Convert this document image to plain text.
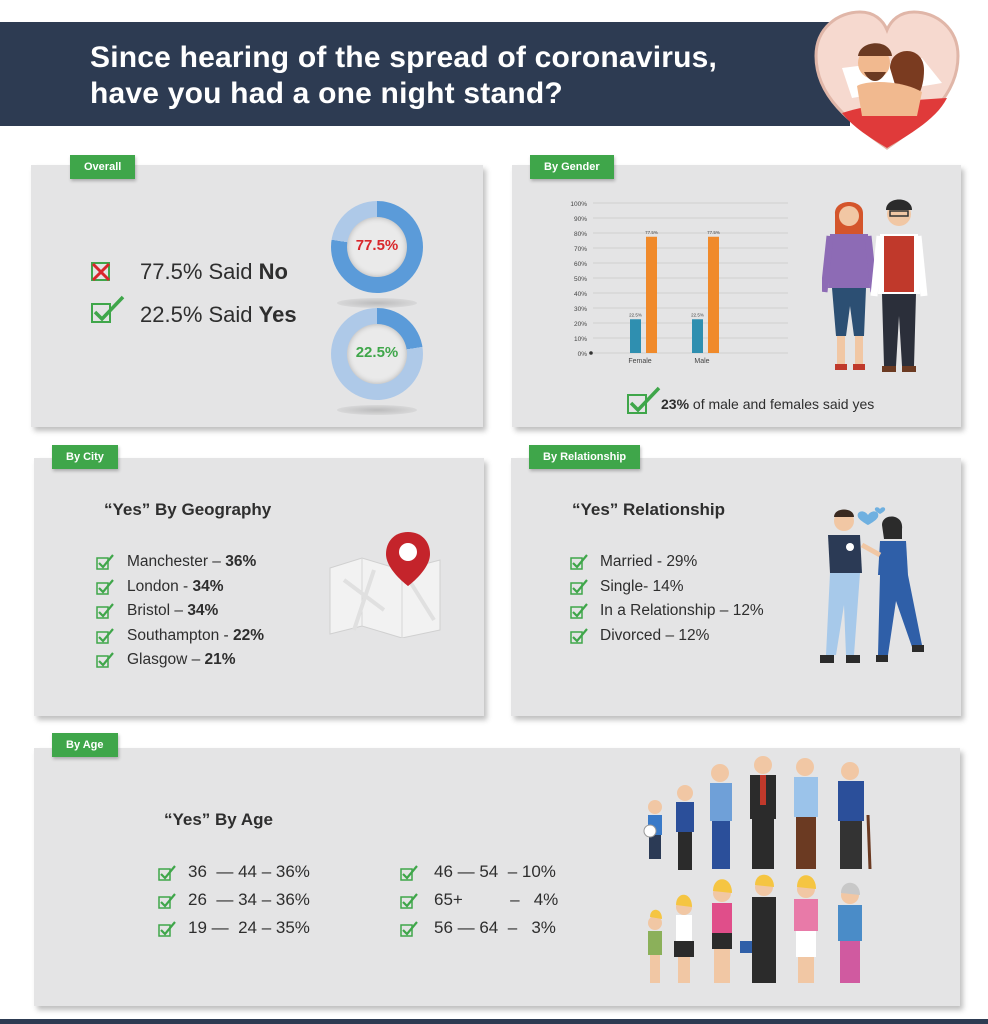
Since hearing of the spread of coronavirus,
have you had a one night stand?
Overall
77.5% Said No
22.5% Said Yes
77.5%
22.5%
By Gender
0%
10%
20%
30%
40%
50%
60%
70%
80%
90%
100%
22.5%
77.5%
Female
22.5%
77.5%
Male
23% of male and females said yes
By City
“Yes” By Geography
Manchester – 36%
London - 34%
Bristol – 34%
Southampton - 22%
Glasgow – 21%
By Relationship
“Yes” Relationship
Married - 29%
Single- 14%
In a Relationship – 12%
Divorced – 12%
By Age
“Yes” By Age
36  — 44 – 36%
26  — 34 – 36%
19 —  24 – 35%
46 — 54  – 10%
65+          –   4%
56 — 64  –   3%
